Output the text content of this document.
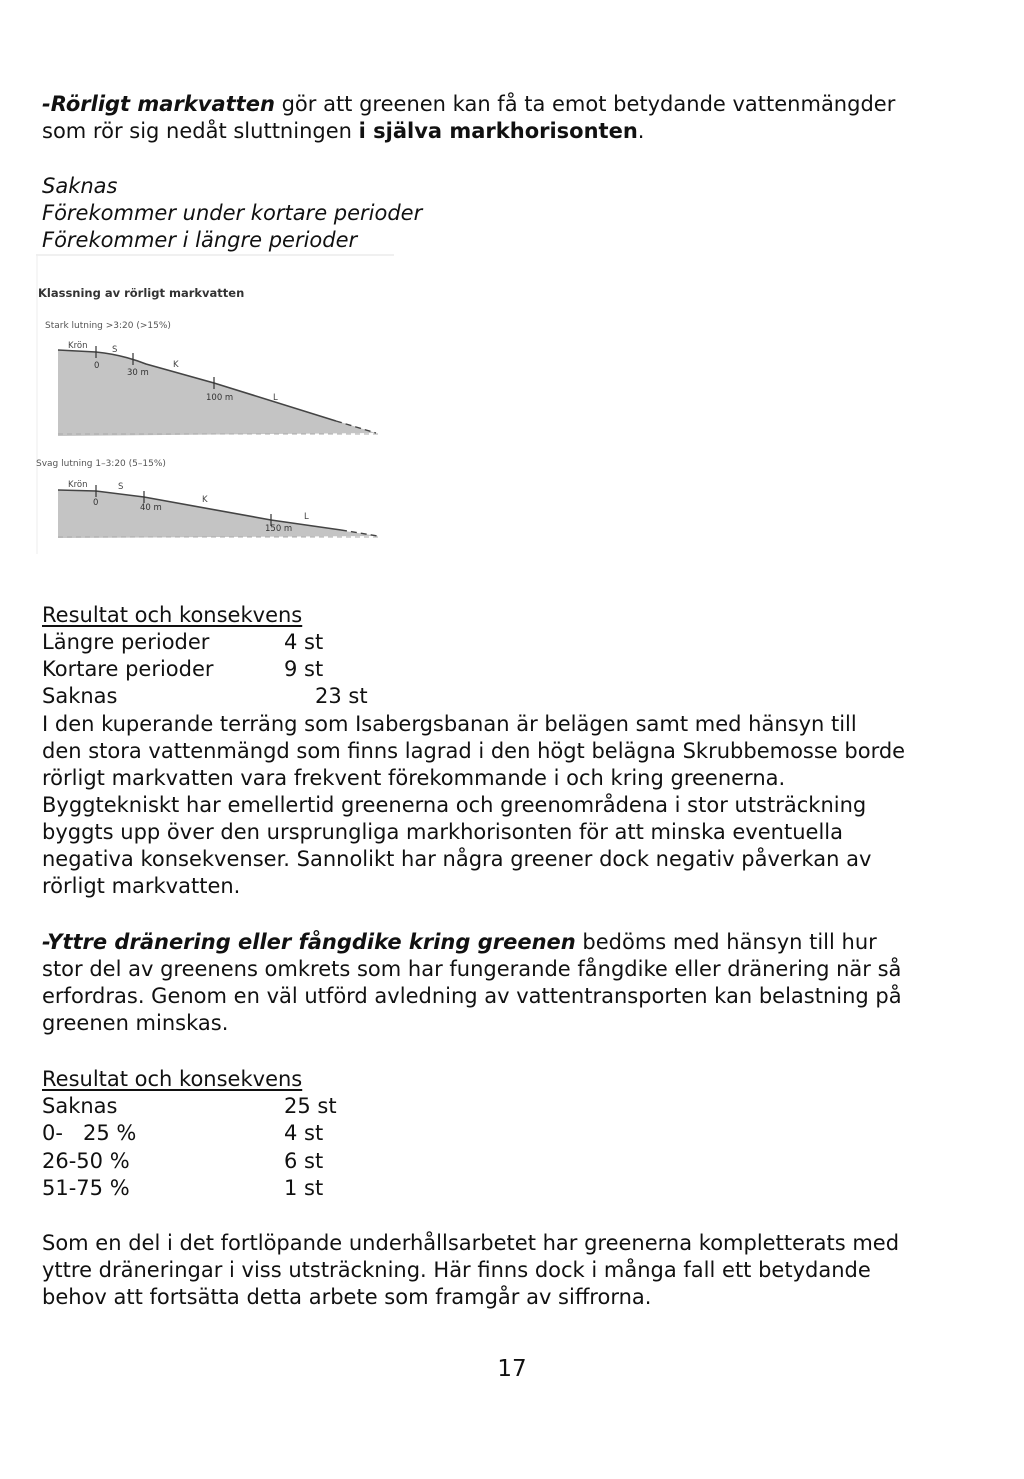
-Rörligt markvatten gör att greenen kan få ta emot betydande vattenmängder
som rör sig nedåt sluttningen i själva markhorisonten.
Saknas
Förekommer under kortare perioder
Förekommer i längre perioder
Klassning av rörligt markvatten
Stark lutning >3:20 (>15%)
Krön
0
S
30 m
K
100 m	L
Svag lutning 1–3:20 (5–15%)
Krön
0
S
40 m
K
150 m
L
Resultat och konsekvens
Längre perioder	4 st
Kortare perioder	9 st
Saknas	23 st
I den kuperande terräng som Isabergsbanan är belägen samt med hänsyn till
den stora vattenmängd som finns lagrad i den högt belägna Skrubbemosse borde
rörligt markvatten vara frekvent förekommande i och kring greenerna.
Byggtekniskt har emellertid greenerna och greenområdena i stor utsträckning
byggts upp över den ursprungliga markhorisonten för att minska eventuella
negativa konsekvenser. Sannolikt har några greener dock negativ påverkan av
rörligt markvatten.
-Yttre dränering eller fångdike kring greenen bedöms med hänsyn till hur
stor del av greenens omkrets som har fungerande fångdike eller dränering när så
erfordras. Genom en väl utförd avledning av vattentransporten kan belastning på
greenen minskas.
Resultat och konsekvens
Saknas	25 st
0-   25 %	4 st
26-50 %	6 st
51-75 %	1 st
Som en del i det fortlöpande underhållsarbetet har greenerna kompletterats med
yttre dräneringar i viss utsträckning. Här finns dock i många fall ett betydande
behov att fortsätta detta arbete som framgår av siffrorna.
17
